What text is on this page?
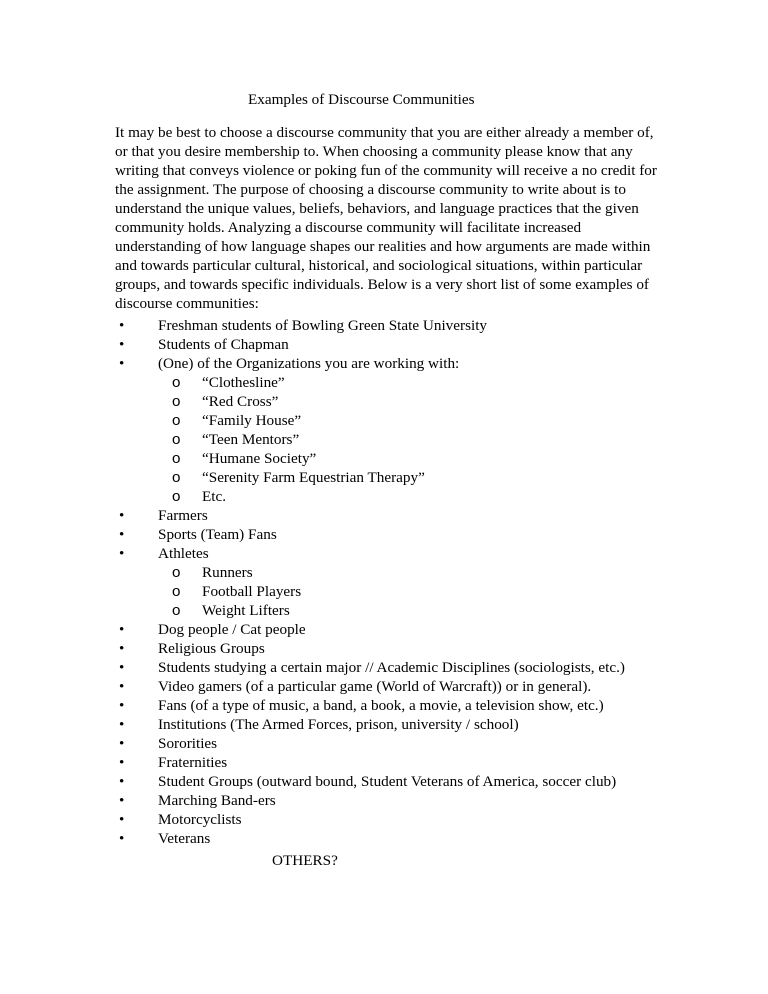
Examples of Discourse Communities

It may be best to choose a discourse community that you are either already a member of,
or that you desire membership to. When choosing a community please know that any
writing that conveys violence or poking fun of the community will receive a no credit for
the assignment. The purpose of choosing a discourse community to write about is to
understand the unique values, beliefs, behaviors, and language practices that the given
community holds. Analyzing a discourse community will facilitate increased
understanding of how language shapes our realities and how arguments are made within
and towards particular cultural, historical, and sociological situations, within particular
groups, and towards specific individuals. Below is a very short list of some examples of
discourse communities:

• Freshman students of Bowling Green State University
• Students of Chapman
• (One) of the Organizations you are working with:
o “Clothesline”
o “Red Cross”
o “Family House”
o “Teen Mentors”
o “Humane Society”
o “Serenity Farm Equestrian Therapy”
o Etc.
• Farmers
• Sports (Team) Fans
• Athletes
o Runners
o Football Players
o Weight Lifters
• Dog people / Cat people
• Religious Groups
• Students studying a certain major // Academic Disciplines (sociologists, etc.)
• Video gamers (of a particular game (World of Warcraft)) or in general).
• Fans (of a type of music, a band, a book, a movie, a television show, etc.)
• Institutions (The Armed Forces, prison, university / school)
• Sororities
• Fraternities
• Student Groups (outward bound, Student Veterans of America, soccer club)
• Marching Band-ers
• Motorcyclists
• Veterans
OTHERS?
